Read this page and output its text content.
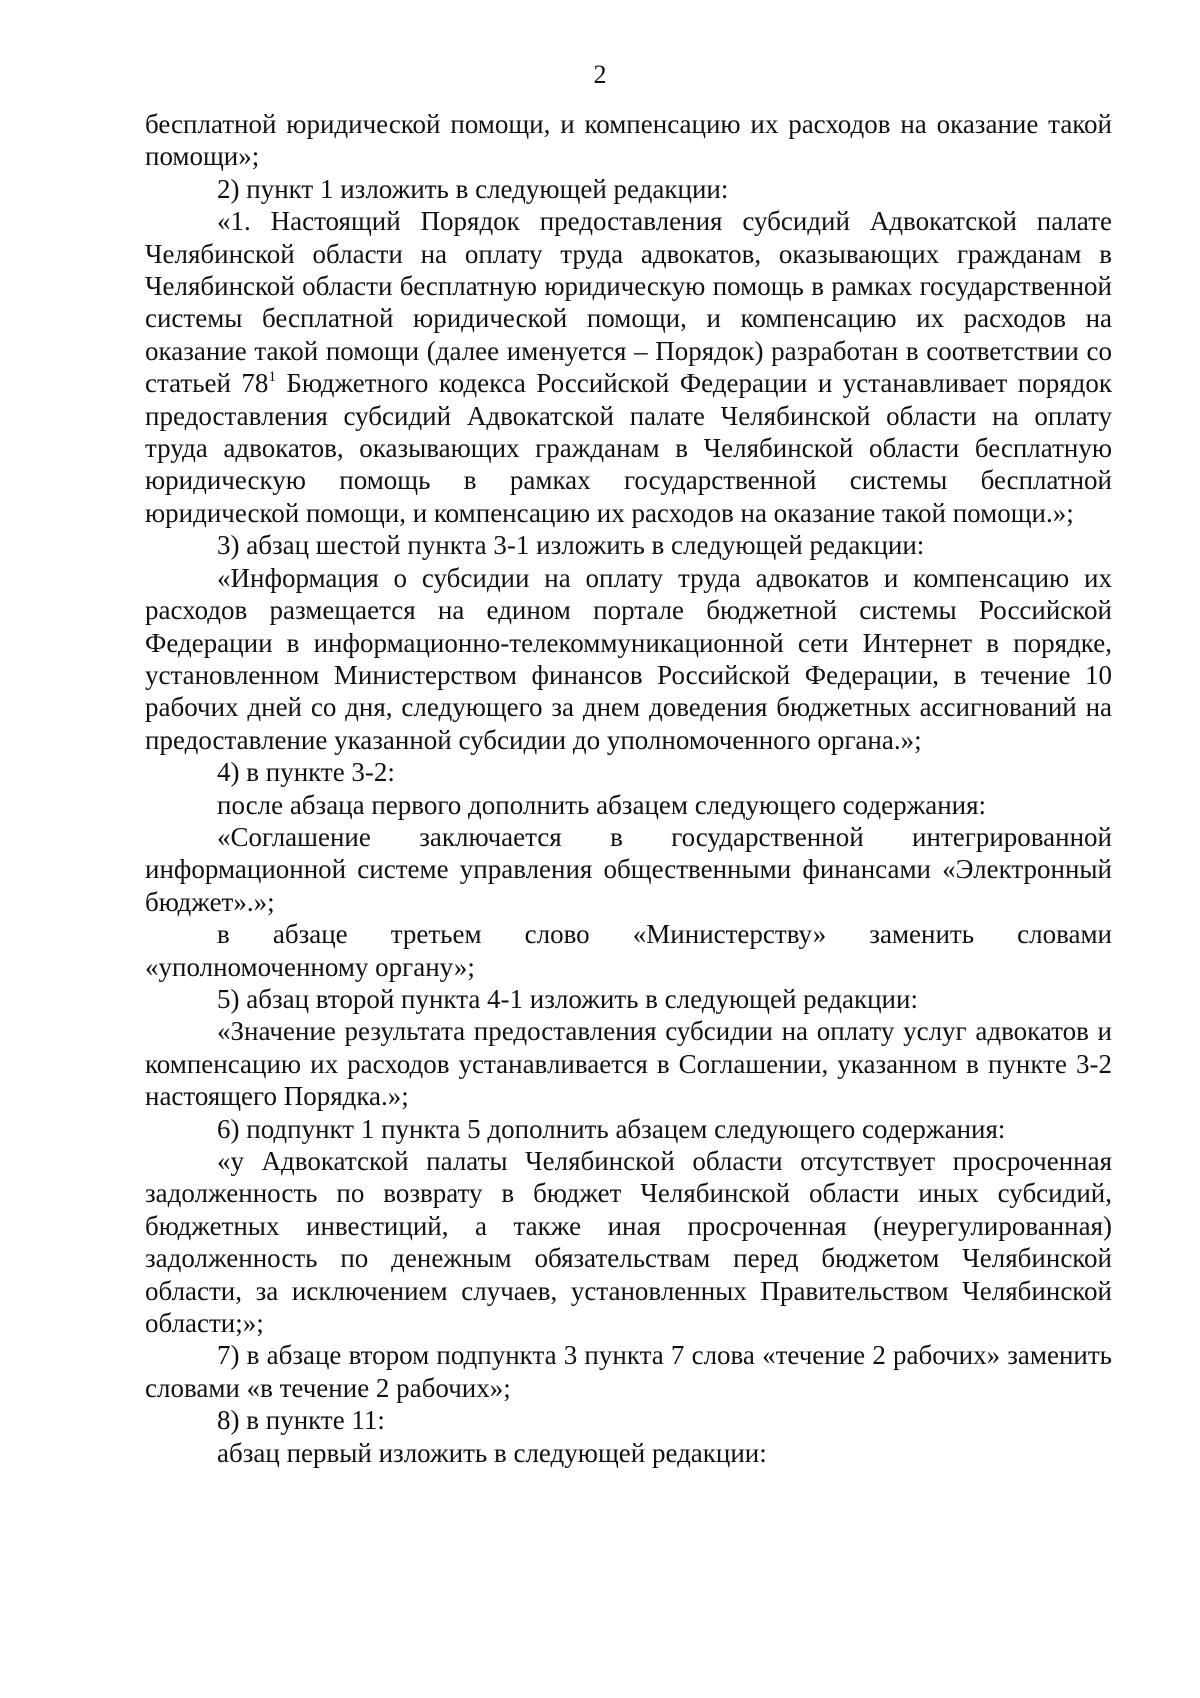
2

бесплатной юридической помощи, и компенсацию их расходов на оказание такой помощи»;

2) пункт 1 изложить в следующей редакции:

«1. Настоящий Порядок предоставления субсидий Адвокатской палате Челябинской области на оплату труда адвокатов, оказывающих гражданам в Челябинской области бесплатную юридическую помощь в рамках государственной системы бесплатной юридической помощи, и компенсацию их расходов на оказание такой помощи (далее именуется – Порядок) разработан в соответствии со статьей $78^1$ Бюджетного кодекса Российской Федерации и устанавливает порядок предоставления субсидий Адвокатской палате Челябинской области на оплату труда адвокатов, оказывающих гражданам в Челябинской области бесплатную юридическую помощь в рамках государственной системы бесплатной юридической помощи, и компенсацию их расходов на оказание такой помощи.»;

3) абзац шестой пункта 3-1 изложить в следующей редакции:

«Информация о субсидии на оплату труда адвокатов и компенсацию их расходов размещается на едином портале бюджетной системы Российской Федерации в информационно-телекоммуникационной сети Интернет в порядке, установленном Министерством финансов Российской Федерации, в течение 10 рабочих дней со дня, следующего за днем доведения бюджетных ассигнований на предоставление указанной субсидии до уполномоченного органа.»;

4) в пункте 3-2:

после абзаца первого дополнить абзацем следующего содержания:

«Соглашение заключается в государственной интегрированной информационной системе управления общественными финансами «Электронный бюджет».»;

в абзаце третьем слово «Министерству» заменить словами «уполномоченному органу»;

5) абзац второй пункта 4-1 изложить в следующей редакции:

«Значение результата предоставления субсидии на оплату услуг адвокатов и компенсацию их расходов устанавливается в Соглашении, указанном в пункте 3-2 настоящего Порядка.»;

6) подпункт 1 пункта 5 дополнить абзацем следующего содержания:

«у Адвокатской палаты Челябинской области отсутствует просроченная задолженность по возврату в бюджет Челябинской области иных субсидий, бюджетных инвестиций, а также иная просроченная (неурегулированная) задолженность по денежным обязательствам перед бюджетом Челябинской области, за исключением случаев, установленных Правительством Челябинской области;»;

7) в абзаце втором подпункта 3 пункта 7 слова «течение 2 рабочих» заменить словами «в течение 2 рабочих»;

8) в пункте 11:

абзац первый изложить в следующей редакции:
